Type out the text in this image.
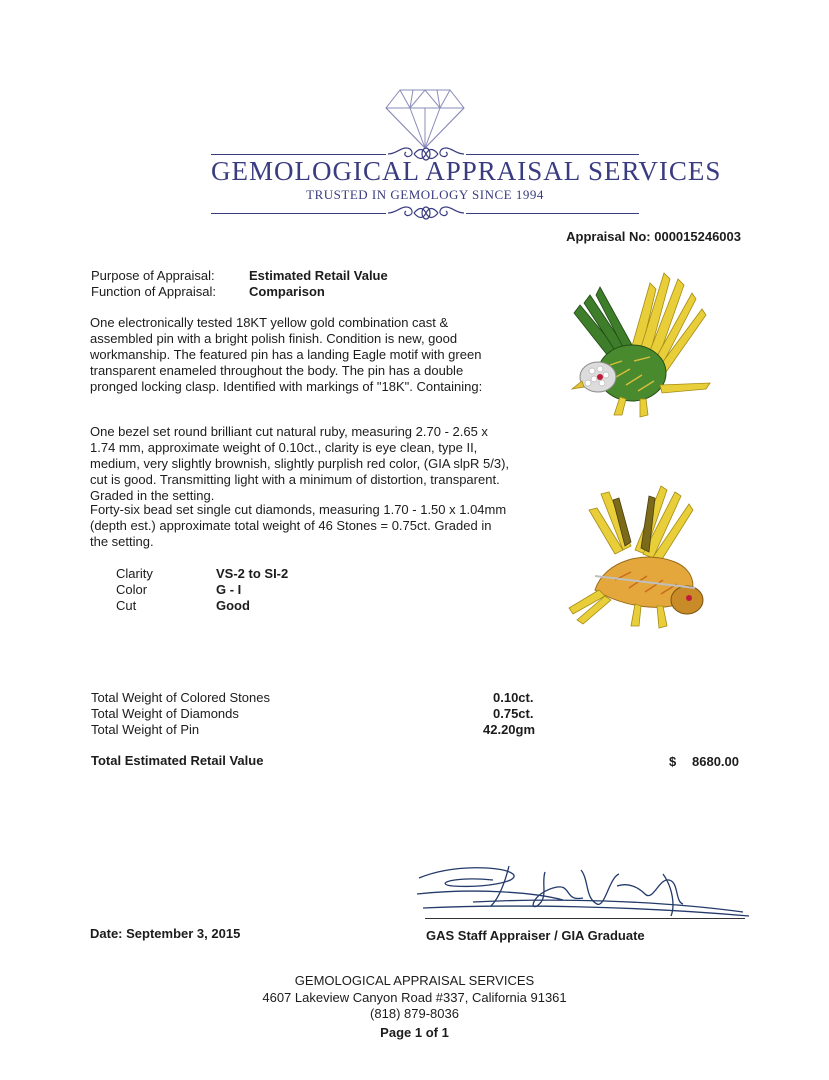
GEMOLOGICAL APPRAISAL SERVICES
TRUSTED IN GEMOLOGY SINCE 1994
Appraisal No: 000015246003
Purpose of Appraisal:	Estimated Retail Value
Function of Appraisal:	Comparison
One electronically tested 18KT yellow gold combination cast & assembled pin with a bright polish finish. Condition is new, good workmanship. The featured pin has a landing Eagle motif with green transparent enameled throughout the body. The pin has a double pronged locking clasp. Identified with markings of "18K". Containing:
One bezel set round brilliant cut natural ruby, measuring 2.70 - 2.65 x 1.74 mm, approximate weight of 0.10ct., clarity is eye clean, type II, medium, very slightly brownish, slightly purplish red color, (GIA slpR 5/3), cut is good. Transmitting light with a minimum of distortion, transparent. Graded in the setting.
Forty-six bead set single cut diamonds, measuring 1.70 - 1.50 x 1.04mm (depth est.) approximate total weight of 46 Stones = 0.75ct. Graded in the setting.
Clarity	VS-2 to SI-2
Color	G - I
Cut	Good
Total Weight of Colored Stones	0.10ct.
Total Weight of Diamonds	0.75ct.
Total Weight of Pin	42.20gm
Total Estimated Retail Value	$ 8680.00
Date: September 3, 2015	GAS Staff Appraiser / GIA Graduate
GEMOLOGICAL APPRAISAL SERVICES
4607 Lakeview Canyon Road #337, California 91361
(818) 879-8036
Page 1 of 1
